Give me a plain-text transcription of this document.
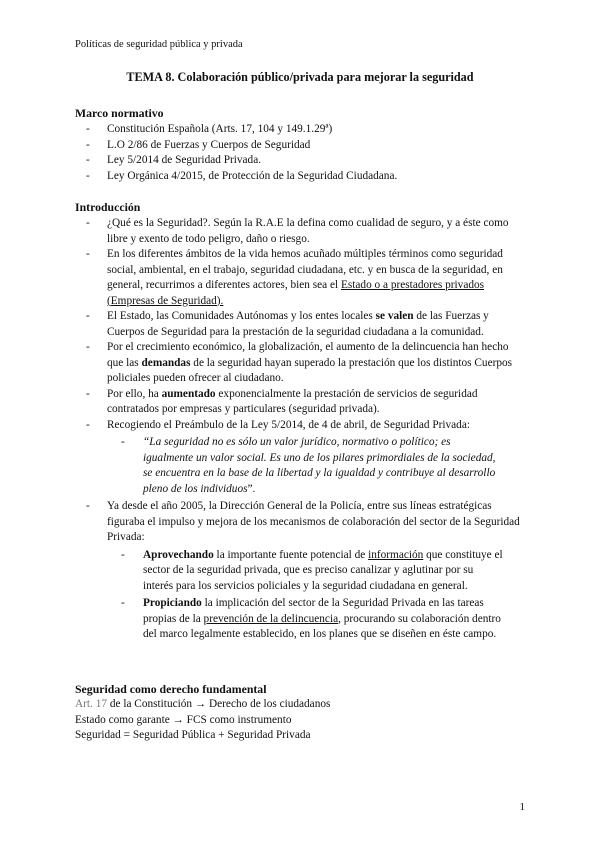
Políticas de seguridad pública y privada
TEMA 8. Colaboración público/privada para mejorar la seguridad
Marco normativo
- Constitución Española (Arts. 17, 104 y 149.1.29ª)
- L.O 2/86 de Fuerzas y Cuerpos de Seguridad
- Ley 5/2014 de Seguridad Privada.
- Ley Orgánica 4/2015, de Protección de la Seguridad Ciudadana.
Introducción
- ¿Qué es la Seguridad?. Según la R.A.E la defina como cualidad de seguro, y a éste como libre y exento de todo peligro, daño o riesgo.
- En los diferentes ámbitos de la vida hemos acuñado múltiples términos como seguridad social, ambiental, en el trabajo, seguridad ciudadana, etc. y en busca de la seguridad, en general, recurrimos a diferentes actores, bien sea el Estado o a prestadores privados (Empresas de Seguridad).
- El Estado, las Comunidades Autónomas y los entes locales se valen de las Fuerzas y Cuerpos de Seguridad para la prestación de la seguridad ciudadana a la comunidad.
- Por el crecimiento económico, la globalización, el aumento de la delincuencia han hecho que las demandas de la seguridad hayan superado la prestación que los distintos Cuerpos policiales pueden ofrecer al ciudadano.
- Por ello, ha aumentado exponencialmente la prestación de servicios de seguridad contratados por empresas y particulares (seguridad privada).
- Recogiendo el Preámbulo de la Ley 5/2014, de 4 de abril, de Seguridad Privada:
- “La seguridad no es sólo un valor jurídico, normativo o político; es igualmente un valor social. Es uno de los pilares primordiales de la sociedad, se encuentra en la base de la libertad y la igualdad y contribuye al desarrollo pleno de los individuos”.
- Ya desde el año 2005, la Dirección General de la Policía, entre sus líneas estratégicas figuraba el impulso y mejora de los mecanismos de colaboración del sector de la Seguridad Privada:
- Aprovechando la importante fuente potencial de información que constituye el sector de la seguridad privada, que es preciso canalizar y aglutinar por su interés para los servicios policiales y la seguridad ciudadana en general.
- Propiciando la implicación del sector de la Seguridad Privada en las tareas propias de la prevención de la delincuencia, procurando su colaboración dentro del marco legalmente establecido, en los planes que se diseñen en éste campo.
Seguridad como derecho fundamental
Art. 17 de la Constitución → Derecho de los ciudadanos
Estado como garante → FCS como instrumento
Seguridad = Seguridad Pública + Seguridad Privada
1
